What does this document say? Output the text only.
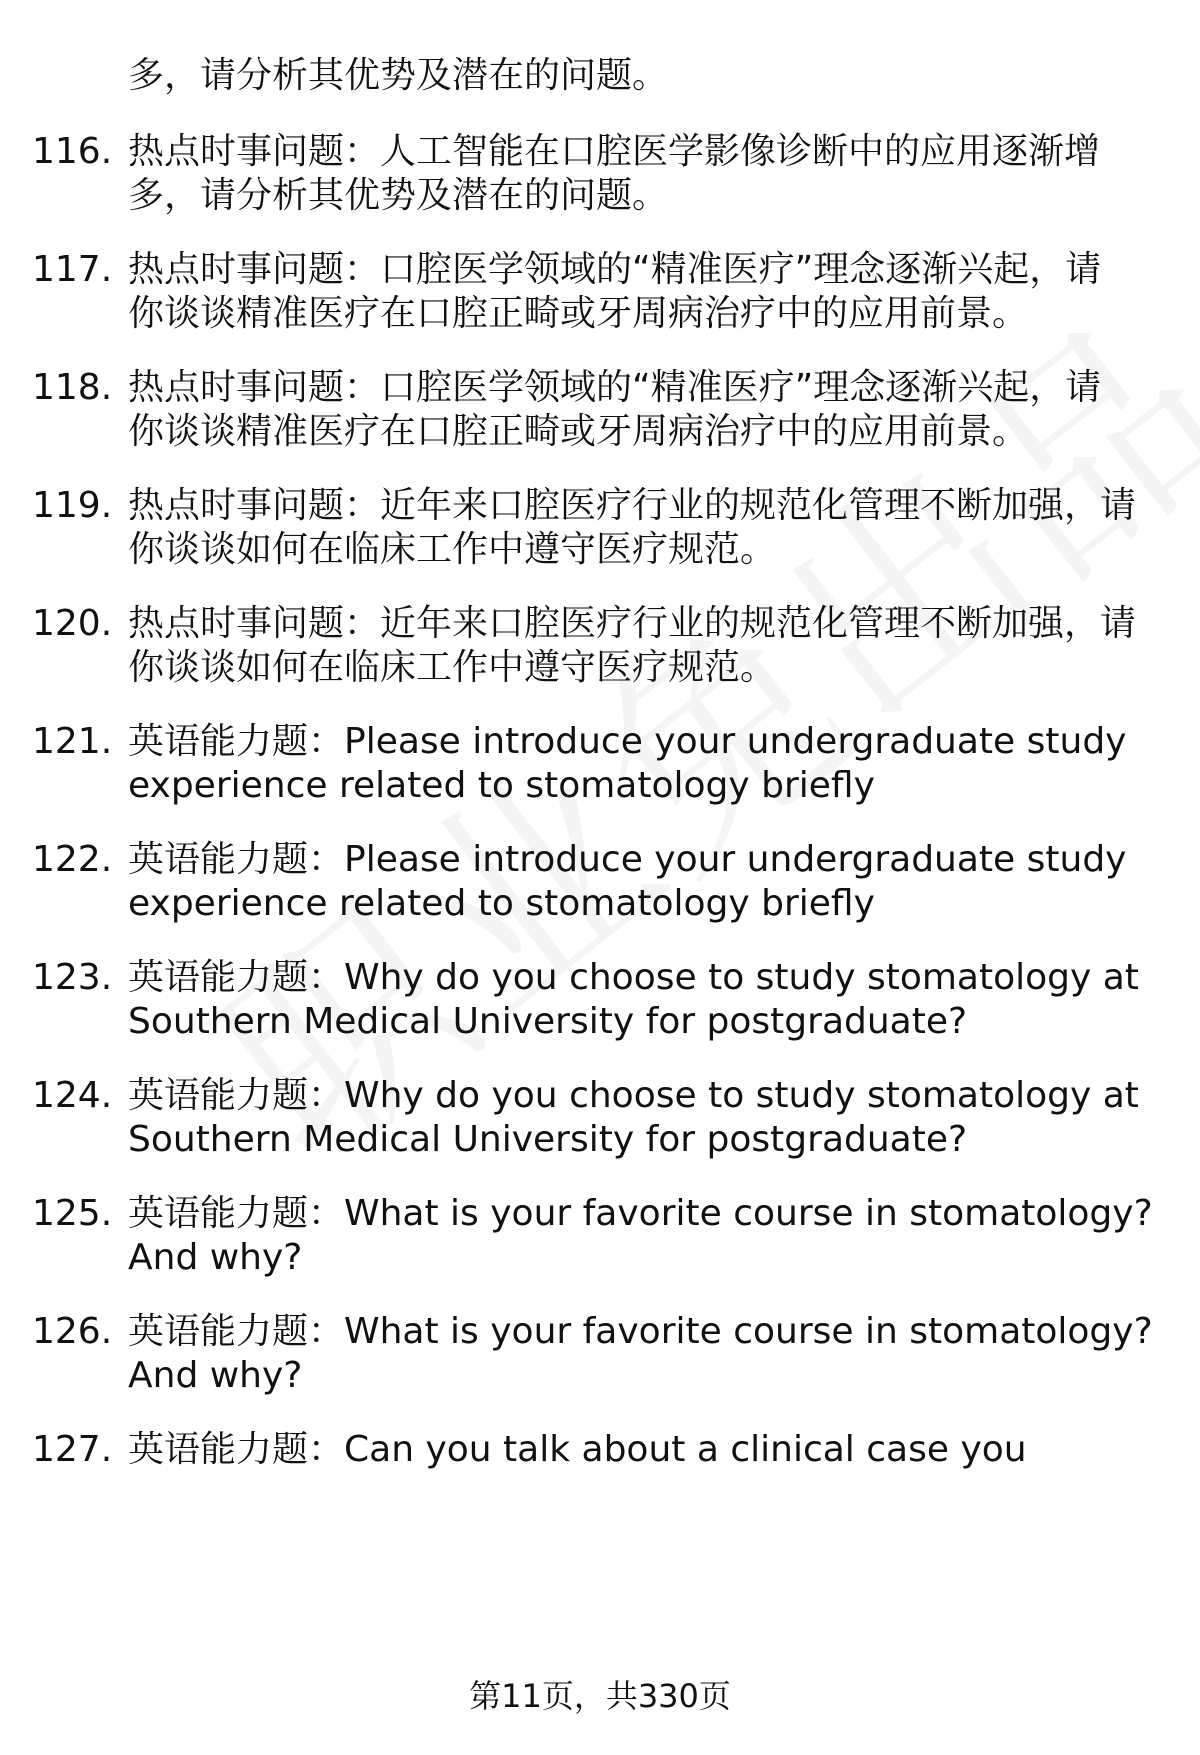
多，请分析其优势及潜在的问题。
116. 热点时事问题：人工智能在口腔医学影像诊断中的应用逐渐增
多，请分析其优势及潜在的问题。
117. 热点时事问题：口腔医学领域的“精准医疗”理念逐渐兴起，请
你谈谈精准医疗在口腔正畸或牙周病治疗中的应用前景。
118. 热点时事问题：口腔医学领域的“精准医疗”理念逐渐兴起，请
你谈谈精准医疗在口腔正畸或牙周病治疗中的应用前景。
119. 热点时事问题：近年来口腔医疗行业的规范化管理不断加强，请
你谈谈如何在临床工作中遵守医疗规范。
120. 热点时事问题：近年来口腔医疗行业的规范化管理不断加强，请
你谈谈如何在临床工作中遵守医疗规范。
121. 英语能力题：Please introduce your undergraduate study
experience related to stomatology briefly
122. 英语能力题：Please introduce your undergraduate study
experience related to stomatology briefly
123. 英语能力题：Why do you choose to study stomatology at
Southern Medical University for postgraduate?
124. 英语能力题：Why do you choose to study stomatology at
Southern Medical University for postgraduate?
125. 英语能力题：What is your favorite course in stomatology?
And why?
126. 英语能力题：What is your favorite course in stomatology?
And why?
127. 英语能力题：Can you talk about a clinical case you
第11页，共330页
